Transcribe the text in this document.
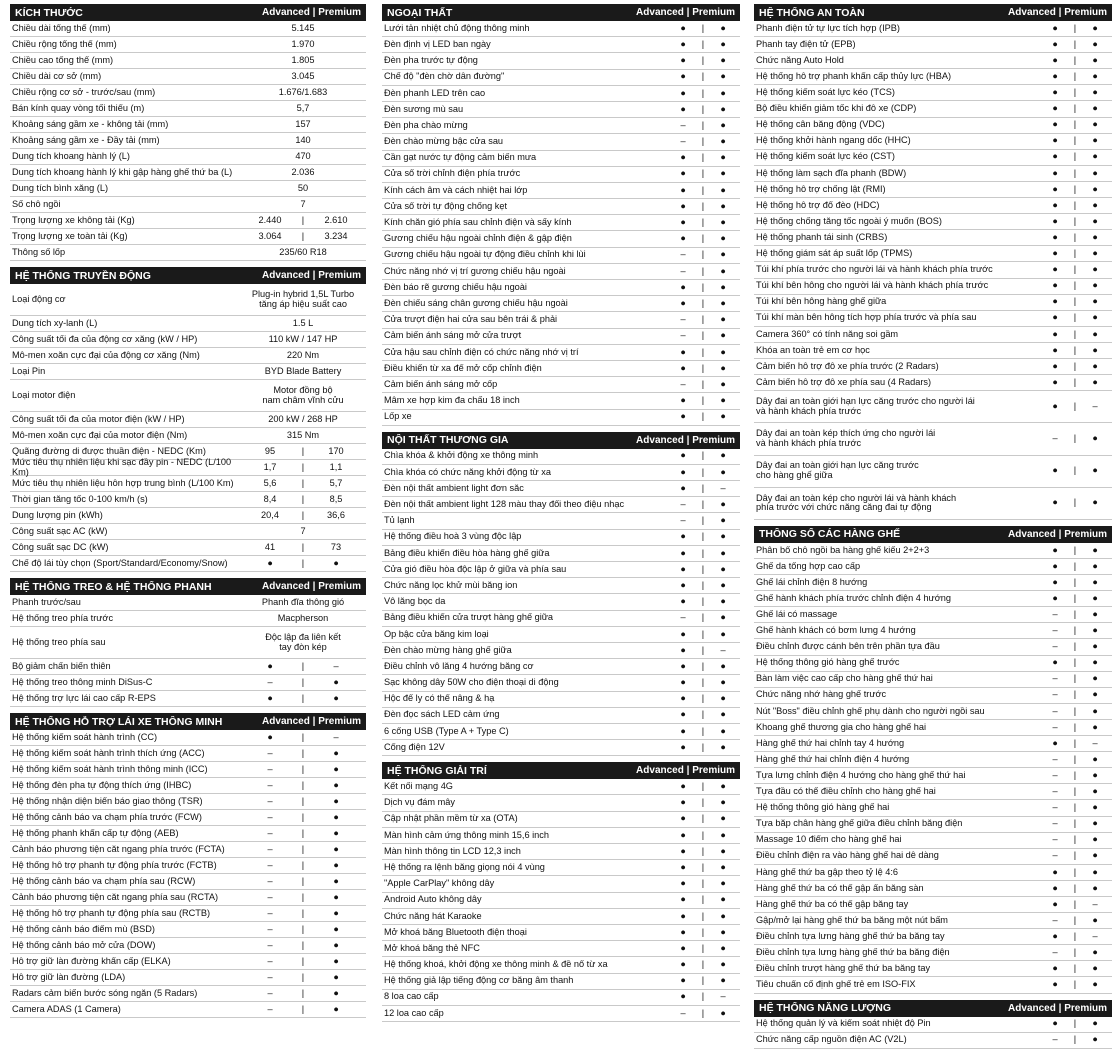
KÍCH THƯỚC	Advanced | Premium
Chiều dài tổng thể (mm)	5.145
Chiều rộng tổng thể (mm)	1.970
Chiều cao tổng thể (mm)	1.805
Chiều dài cơ sở (mm)	3.045
Chiều rộng cơ sở - trước/sau (mm)	1.676/1.683
Bán kính quay vòng tối thiểu (m)	5,7
Khoảng sáng gầm xe - không tải (mm)	157
Khoảng sáng gầm xe - Đầy tải (mm)	140
Dung tích khoang hành lý (L)	470
Dung tích khoang hành lý khi gập hàng ghế thứ ba (L)	2.036
Dung tích bình xăng (L)	50
Số chỗ ngồi	7
Trọng lượng xe không tải (Kg)	2.440	|	2.610
Trọng lượng xe toàn tải (Kg)	3.064	|	3.234
Thông số lốp	235/60 R18
HỆ THỐNG TRUYỀN ĐỘNG	Advanced | Premium
Loại động cơ	Plug-in hybrid 1,5L Turbo
tăng áp hiệu suất cao
Dung tích xy-lanh (L)	1.5 L
Công suất tối đa của động cơ xăng (kW / HP)	110 kW / 147 HP
Mô-men xoắn cực đại của động cơ xăng (Nm)	220 Nm
Loại Pin	BYD Blade Battery
Loại motor điện	Motor đồng bộ
nam châm vĩnh cửu
Công suất tối đa của motor điện (kW / HP)	200 kW / 268 HP
Mô-men xoắn cực đại của motor điện (Nm)	315 Nm
Quãng đường di được thuần điện - NEDC (Km)	95	|	170
Mức tiêu thụ nhiên liệu khi sạc đầy pin - NEDC (L/100 Km)	1,7	|	1,1
Mức tiêu thụ nhiên liệu hỗn hợp trung bình (L/100 Km)	5,6	|	5,7
Thời gian tăng tốc 0-100 km/h (s)	8,4	|	8,5
Dung lượng pin (kWh)	20,4	|	36,6
Công suất sạc AC (kW)	7
Công suất sạc DC (kW)	41	|	73
Chế độ lái tùy chọn (Sport/Standard/Economy/Snow)	●	|	●
HỆ THỐNG TREO & HỆ THỐNG PHANH	Advanced | Premium
Phanh trước/sau	Phanh đĩa thông gió
Hệ thống treo phía trước	Macpherson
Hệ thống treo phía sau	Độc lập đa liên kết
tay đòn kép
Bộ giảm chấn biến thiên	●	|	–
Hệ thống treo thông minh DiSus-C	–	|	●
Hệ thống trợ lực lái cao cấp R-EPS	●	|	●
HỆ THỐNG HỖ TRỢ LÁI XE THÔNG MINH	Advanced | Premium
Hệ thống kiểm soát hành trình (CC)	●	|	–
Hệ thống kiểm soát hành trình thích ứng (ACC)	–	|	●
Hệ thống kiểm soát hành trình thông minh (ICC)	–	|	●
Hệ thống đèn pha tự động thích ứng (IHBC)	–	|	●
Hệ thống nhận diện biển báo giao thông (TSR)	–	|	●
Hệ thống cảnh báo va chạm phía trước (FCW)	–	|	●
Hệ thống phanh khẩn cấp tự động (AEB)	–	|	●
Cảnh báo phương tiện cắt ngang phía trước (FCTA)	–	|	●
Hệ thống hỗ trợ phanh tự động phía trước (FCTB)	–	|	●
Hệ thống cảnh báo va chạm phía sau (RCW)	–	|	●
Cảnh báo phương tiện cắt ngang phía sau (RCTA)	–	|	●
Hệ thống hỗ trợ phanh tự động phía sau (RCTB)	–	|	●
Hệ thống cảnh báo điểm mù (BSD)	–	|	●
Hệ thống cảnh báo mở cửa (DOW)	–	|	●
Hỗ trợ giữ làn đường khẩn cấp (ELKA)	–	|	●
Hỗ trợ giữ làn đường (LDA)	–	|	●
Radars cảm biến bước sóng ngắn (5 Radars)	–	|	●
Camera ADAS (1 Camera)	–	|	●
NGOẠI THẤT	Advanced | Premium
Lưới tản nhiệt chủ động thông minh	●	|	●
Đèn định vị LED ban ngày	●	|	●
Đèn pha trước tự động	●	|	●
Chế độ "đèn chờ dẫn đường"	●	|	●
Đèn phanh LED trên cao	●	|	●
Đèn sương mù sau	●	|	●
Đèn pha chào mừng	–	|	●
Đèn chào mừng bậc cửa sau	–	|	●
Cần gạt nước tự động cảm biến mưa	●	|	●
Cửa sổ trời chỉnh điện phía trước	●	|	●
Kính cách âm và cách nhiệt hai lớp	●	|	●
Cửa sổ trời tự động chống kẹt	●	|	●
Kính chắn gió phía sau chỉnh điện và sấy kính	●	|	●
Gương chiếu hậu ngoài chỉnh điện & gập điện	●	|	●
Gương chiếu hậu ngoài tự động điều chỉnh khi lùi	–	|	●
Chức năng nhớ vị trí gương chiếu hậu ngoài	–	|	●
Đèn báo rẽ gương chiếu hậu ngoài	●	|	●
Đèn chiếu sáng chân gương chiếu hậu ngoài	●	|	●
Cửa trượt điện hai cửa sau bên trái & phải	–	|	●
Cảm biến ánh sáng mở cửa trượt	–	|	●
Cửa hậu sau chỉnh điện có chức năng nhớ vị trí	●	|	●
Điều khiển từ xa để mở cốp chỉnh điện	●	|	●
Cảm biến ánh sáng mở cốp	–	|	●
Mâm xe hợp kim đa chấu 18 inch	●	|	●
Lốp xe	●	|	●
NỘI THẤT THƯƠNG GIA	Advanced | Premium
Chìa khóa & khởi động xe thông minh	●	|	●
Chìa khóa có chức năng khởi động từ xa	●	|	●
Đèn nội thất ambient light đơn sắc	●	|	–
Đèn nội thất ambient light 128 màu thay đổi theo điệu nhạc	–	|	●
Tủ lạnh	–	|	●
Hệ thống điều hoà 3 vùng độc lập	●	|	●
Bảng điều khiển điều hòa hàng ghế giữa	●	|	●
Cửa gió điều hòa độc lập ở giữa và phía sau	●	|	●
Chức năng lọc khử mùi bằng ion	●	|	●
Vô lăng bọc da	●	|	●
Bảng điều khiển cửa trượt hàng ghế giữa	–	|	●
Ốp bậc cửa bằng kim loại	●	|	●
Đèn chào mừng hàng ghế giữa	●	|	–
Điều chỉnh vô lăng 4 hướng bằng cơ	●	|	●
Sạc không dây 50W cho điện thoại di động	●	|	●
Hộc để ly có thể nâng & hạ	●	|	●
Đèn đọc sách LED cảm ứng	●	|	●
6 cổng USB (Type A + Type C)	●	|	●
Cổng điện 12V	●	|	●
HỆ THỐNG GIẢI TRÍ	Advanced | Premium
Kết nối mạng 4G	●	|	●
Dịch vụ đám mây	●	|	●
Cập nhật phần mềm từ xa (OTA)	●	|	●
Màn hình cảm ứng thông minh 15,6 inch	●	|	●
Màn hình thông tin LCD 12,3 inch	●	|	●
Hệ thống ra lệnh bằng giọng nói 4 vùng	●	|	●
"Apple CarPlay" không dây	●	|	●
Android Auto không dây	●	|	●
Chức năng hát Karaoke	●	|	●
Mở khoá bằng Bluetooth điện thoại	●	|	●
Mở khoá bằng thẻ NFC	●	|	●
Hệ thống khoá, khởi động xe thông minh & đề nổ từ xa	●	|	●
Hệ thống giả lập tiếng động cơ bằng âm thanh	●	|	●
8 loa cao cấp	●	|	–
12 loa cao cấp	–	|	●
HỆ THỐNG AN TOÀN	Advanced | Premium
Phanh điện tử tự lực tích hợp (IPB)	●	|	●
Phanh tay điện tử (EPB)	●	|	●
Chức năng Auto Hold	●	|	●
Hệ thống hỗ trợ phanh khẩn cấp thủy lực (HBA)	●	|	●
Hệ thống kiểm soát lực kéo (TCS)	●	|	●
Bộ điều khiển giảm tốc khi đỗ xe (CDP)	●	|	●
Hệ thống cân bằng động (VDC)	●	|	●
Hệ thống khởi hành ngang dốc (HHC)	●	|	●
Hệ thống kiểm soát lực kéo (CST)	●	|	●
Hệ thống làm sạch đĩa phanh (BDW)	●	|	●
Hệ thống hỗ trợ chống lật (RMI)	●	|	●
Hệ thống hỗ trợ đổ đèo (HDC)	●	|	●
Hệ thống chống tăng tốc ngoài ý muốn (BOS)	●	|	●
Hệ thống phanh tái sinh (CRBS)	●	|	●
Hệ thống giám sát áp suất lốp (TPMS)	●	|	●
Túi khí phía trước cho người lái và hành khách phía trước	●	|	●
Túi khí bên hông cho người lái và hành khách phía trước	●	|	●
Túi khí bên hông hàng ghế giữa	●	|	●
Túi khí màn bên hông tích hợp phía trước và phía sau	●	|	●
Camera 360° có tính năng soi gầm	●	|	●
Khóa an toàn trẻ em cơ học	●	|	●
Cảm biến hỗ trợ đỗ xe phía trước (2 Radars)	●	|	●
Cảm biến hỗ trợ đỗ xe phía sau (4 Radars)	●	|	●
Dây đai an toàn giới hạn lực căng trước cho người lái
và hành khách phía trước	●	|	–
Dây đai an toàn kép thích ứng cho người lái
và hành khách phía trước	–	|	●
Dây đai an toàn giới hạn lực căng trước
cho hàng ghế giữa	●	|	●
Dây đai an toàn kép cho người lái và hành khách
phía trước với chức năng căng đai tự động	●	|	●
THÔNG SỐ CÁC HÀNG GHẾ	Advanced | Premium
Phân bổ chỗ ngồi ba hàng ghế kiểu 2+2+3	●	|	●
Ghế da tổng hợp cao cấp	●	|	●
Ghế lái chỉnh điện 8 hướng	●	|	●
Ghế hành khách phía trước chỉnh điện 4 hướng	●	|	●
Ghế lái có massage	–	|	●
Ghế hành khách có bơm lưng 4 hướng	–	|	●
Điều chỉnh được cánh bên trên phần tựa đầu	–	|	●
Hệ thống thông gió hàng ghế trước	●	|	●
Bàn làm việc cao cấp cho hàng ghế thứ hai	–	|	●
Chức năng nhớ hàng ghế trước	–	|	●
Nút "Boss" điều chỉnh ghế phụ dành cho người ngồi sau	–	|	●
Khoang ghế thương gia cho hàng ghế hai	–	|	●
Hàng ghế thứ hai chỉnh tay 4 hướng	●	|	–
Hàng ghế thứ hai chỉnh điện 4 hướng	–	|	●
Tựa lưng chỉnh điện 4 hướng cho hàng ghế thứ hai	–	|	●
Tựa đầu có thể điều chỉnh cho hàng ghế hai	–	|	●
Hệ thống thông gió hàng ghế hai	–	|	●
Tựa bắp chân hàng ghế giữa điều chỉnh bằng điện	–	|	●
Massage 10 điểm cho hàng ghế hai	–	|	●
Điều chỉnh điện ra vào hàng ghế hai dễ dàng	–	|	●
Hàng ghế thứ ba gập theo tỷ lệ 4:6	●	|	●
Hàng ghế thứ ba có thể gập ẩn bằng sàn	●	|	●
Hàng ghế thứ ba có thể gập bằng tay	●	|	–
Gập/mở lại hàng ghế thứ ba bằng một nút bấm	–	|	●
Điều chỉnh tựa lưng hàng ghế thứ ba bằng tay	●	|	–
Điều chỉnh tựa lưng hàng ghế thứ ba bằng điện	–	|	●
Điều chỉnh trượt hàng ghế thứ ba bằng tay	●	|	●
Tiêu chuẩn cố định ghế trẻ em ISO-FIX	●	|	●
HỆ THỐNG NĂNG LƯỢNG	Advanced | Premium
Hệ thống quản lý và kiểm soát nhiệt độ Pin	●	|	●
Chức năng cấp nguồn điện AC (V2L)	–	|	●
